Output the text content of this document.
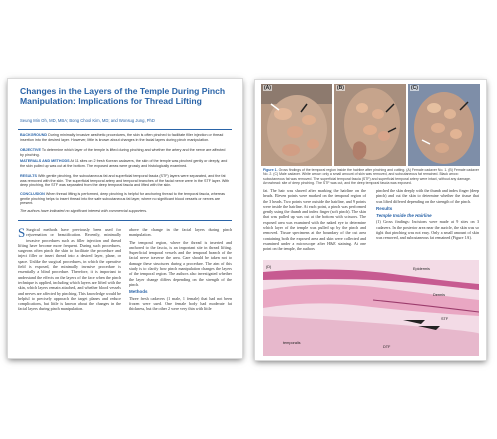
Changes in the Layers of the Temple During Pinch Manipulation: Implications for Thread Lifting
Seung Min Oh, MD, MBA; Bong Chool Kim, MD; and Wonsug Jung, PhD
BACKGROUND During minimally invasive aesthetic procedures, the skin is often pinched to facilitate filler injection or thread insertion into the desired layer. However, little is known about changes in the facial layers during pinch manipulation.
OBJECTIVE To determine which layer of the temple is lifted during pinching and whether the artery and the nerve are affected by pinching.
MATERIALS AND METHODS At 11 sites on 2 fresh Korean cadavers, the skin of the temple was pinched gently or deeply, and the skin pulled up was cut at the bottom. The exposed areas were grossly and histologically examined.
RESULTS With gentle pinching, the subcutaneous fat and superficial temporal fascia (STF) layers were separated, and the fat was removed with the skin. The superficial temporal artery and temporal branches of the facial nerve were in the STF layer. With deep pinching, the STF was separated from the deep temporal fascia and lifted with the skin.
CONCLUSION When thread lifting is performed, deep pinching is helpful for anchoring thread to the temporal fascia, whereas gentle pinching helps to insert thread into the safe subcutaneous fat layer, where no significant blood vessels or nerves are present.
The authors have indicated no significant interest with commercial supporters.
S Surgical methods have previously been used for rejuvenation or beautification. Recently, minimally invasive procedures such as filler injection and thread lifting have become more frequent. During such procedures, surgeons often pinch the skin to facilitate the procedure and inject filler or insert thread into a desired layer, plane, or space. Unlike the surgical procedures, in which the operative field is exposed, the minimally invasive procedure is essentially a blind procedure. Therefore, it is important to understand the effects on the layers of the face when the pinch technique is applied, including which layers are lifted with the skin, which layers remain attached, and whether blood vessels and nerves are affected by pinching. This knowledge would be helpful to precisely approach the target planes and reduce complications, but little is known about the changes in the facial layers during pinch manipulation.

above the change in the facial layers during pinch manipulation.

The temporal region, where the thread is inserted and anchored to the fascia, is an important site in thread lifting. Superficial temporal vessels and the temporal branch of the facial nerve traverse the area. Care should be taken not to damage these structures during a procedure. The aim of this study is to clarify how pinch manipulation changes the layers of the temporal region. The authors also investigated whether the layer change differs depending on the strength of the pinch.

Methods

Three fresh cadavers (1 male, 1 female) that had not been frozen were used. One female body had moderate fat thickness, but the other 2 were very thin with little

(A)	(B)	(C)
Figure 1. Gross findings of the temporal region inside the hairline after pinching and cutting. (A) Female cadaver No. 1. (B) Female cadaver No. 2. (C) Male cadaver. White arrow: only a small amount of skin was removed, and subcutaneous fat remained. Black arrow: subcutaneous fat was removed. The superficial temporal fascia (STF) and superficial temporal artery were intact, without any damage. Arrowhead: site of deep pinching. The STF was cut, and the deep temporal fascia was exposed.

fat. The hair was shaved after marking the hairline on the heads. Eleven points were marked on the temporal region of the 3 heads. Two points were outside the hairline, and 9 points were inside the hairline. At each point, a pinch was performed gently using the thumb and index finger (soft pinch). The skin that was pulled up was cut at the bottom with scissors. The exposed area was examined with the naked eye to determine which layer of the temple was pulled up by the pinch and removed. Tissue specimens at the boundary of the cut area containing both the exposed area and skin were collected and examined under a microscope after H&E staining. At one point on the temple, the authors

pinched the skin deeply with the thumb and index finger (deep pinch) and cut the skin to determine whether the tissue that was lifted differed depending on the strength of the pinch.

Results
Temple Inside the Hairline

(1) Gross findings: Incisions were made at 9 sites on 3 cadavers. In the posterior area near the auricle, the skin was so tight that pinching was not easy. Only a small amount of skin was removed, and subcutaneous fat remained (Figure 1A).

(D)	Epidermis
Dermis
STF
temporalis
DTF
